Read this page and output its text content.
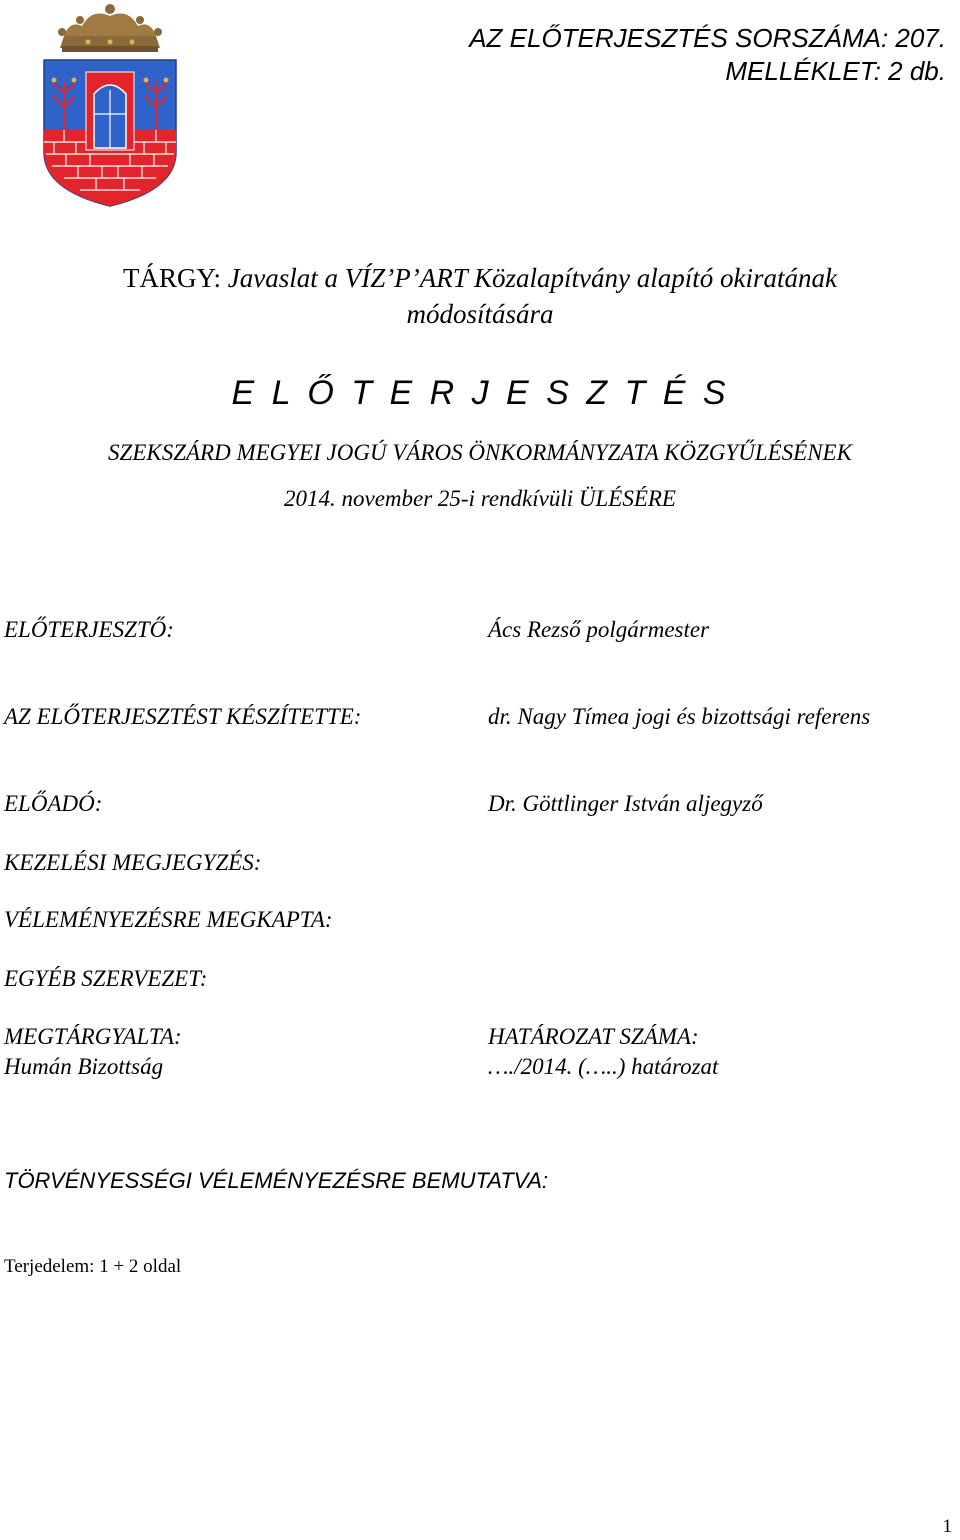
AZ ELŐTERJESZTÉS SORSZÁMA: 207.
MELLÉKLET: 2 db.
TÁRGY: Javaslat a VÍZ’P’ART Közalapítvány alapító okiratának
módosítására
E L Ő T E R J E S Z T É S
SZEKSZÁRD MEGYEI JOGÚ VÁROS ÖNKORMÁNYZATA KÖZGYŰLÉSÉNEK
2014. november 25-i rendkívüli ÜLÉSÉRE
ELŐTERJESZTŐ:	Ács Rezső polgármester
AZ ELŐTERJESZTÉST KÉSZÍTETTE:	dr. Nagy Tímea jogi és bizottsági referens
ELŐADÓ:	Dr. Göttlinger István aljegyző
KEZELÉSI MEGJEGYZÉS:
VÉLEMÉNYEZÉSRE MEGKAPTA:
EGYÉB SZERVEZET:
MEGTÁRGYALTA:
Humán Bizottság
HATÁROZAT SZÁMA:
…./2014. (…..) határozat
TÖRVÉNYESSÉGI VÉLEMÉNYEZÉSRE BEMUTATVA:
Terjedelem: 1 + 2 oldal
1
